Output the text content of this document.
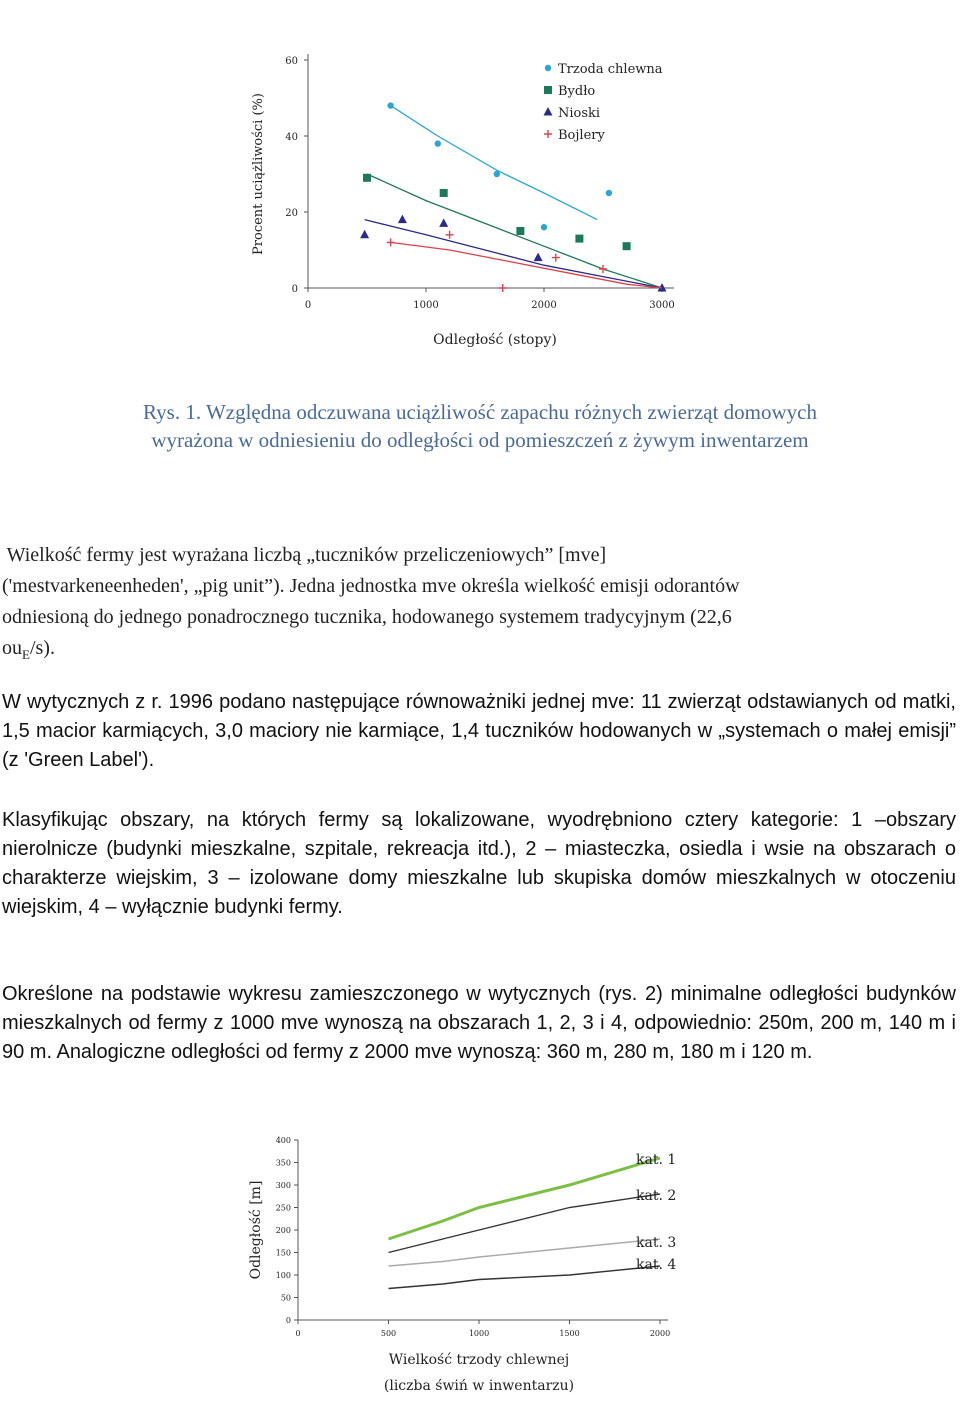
0
20
40
60
0	1000	2000	3000
Odległość (stopy)
Procent uciążliwości (%)
Trzoda chlewna
Bydło
Nioski
Bojlery

Rys. 1. Względna odczuwana uciążliwość zapachu różnych zwierząt domowych

wyrażona w odniesieniu do odległości od pomieszczeń z żywym inwentarzem

Wielkość fermy jest wyrażana liczbą „tuczników przeliczeniowych” [mve]

('mestvarkeneenheden', „pig unit”). Jedna jednostka mve określa wielkość emisji odorantów

odniesioną do jednego ponadrocznego tucznika, hodowanego systemem tradycyjnym (22,6

$ou_E/s$).

W wytycznych z r. 1996 podano następujące równoważniki jednej mve: 11 zwierząt odstawianych od matki, 1,5 macior karmiących, 3,0 maciory nie karmiące, 1,4 tuczników hodowanych w „systemach o małej emisji” (z 'Green Label').

Klasyfikując obszary, na których fermy są lokalizowane, wyodrębniono cztery kategorie: 1 –obszary nierolnicze (budynki mieszkalne, szpitale, rekreacja itd.), 2 – miasteczka, osiedla i wsie na obszarach o charakterze wiejskim, 3 – izolowane domy mieszkalne lub skupiska domów mieszkalnych w otoczeniu wiejskim, 4 – wyłącznie budynki fermy.

Określone na podstawie wykresu zamieszczonego w wytycznych (rys. 2) minimalne odległości budynków mieszkalnych od fermy z 1000 mve wynoszą na obszarach 1, 2, 3 i 4, odpowiednio: 250m, 200 m, 140 m i 90 m. Analogiczne odległości od fermy z 2000 mve wynoszą: 360 m, 280 m, 180 m i 120 m.

0
50
100
150
200
250
300
350
400
0	500	1000	1500	2000
Wielkość trzody chlewnej
(liczba świń w inwentarzu)
Odległość [m]
kat. 1
kat. 2
kat. 3
kat. 4
